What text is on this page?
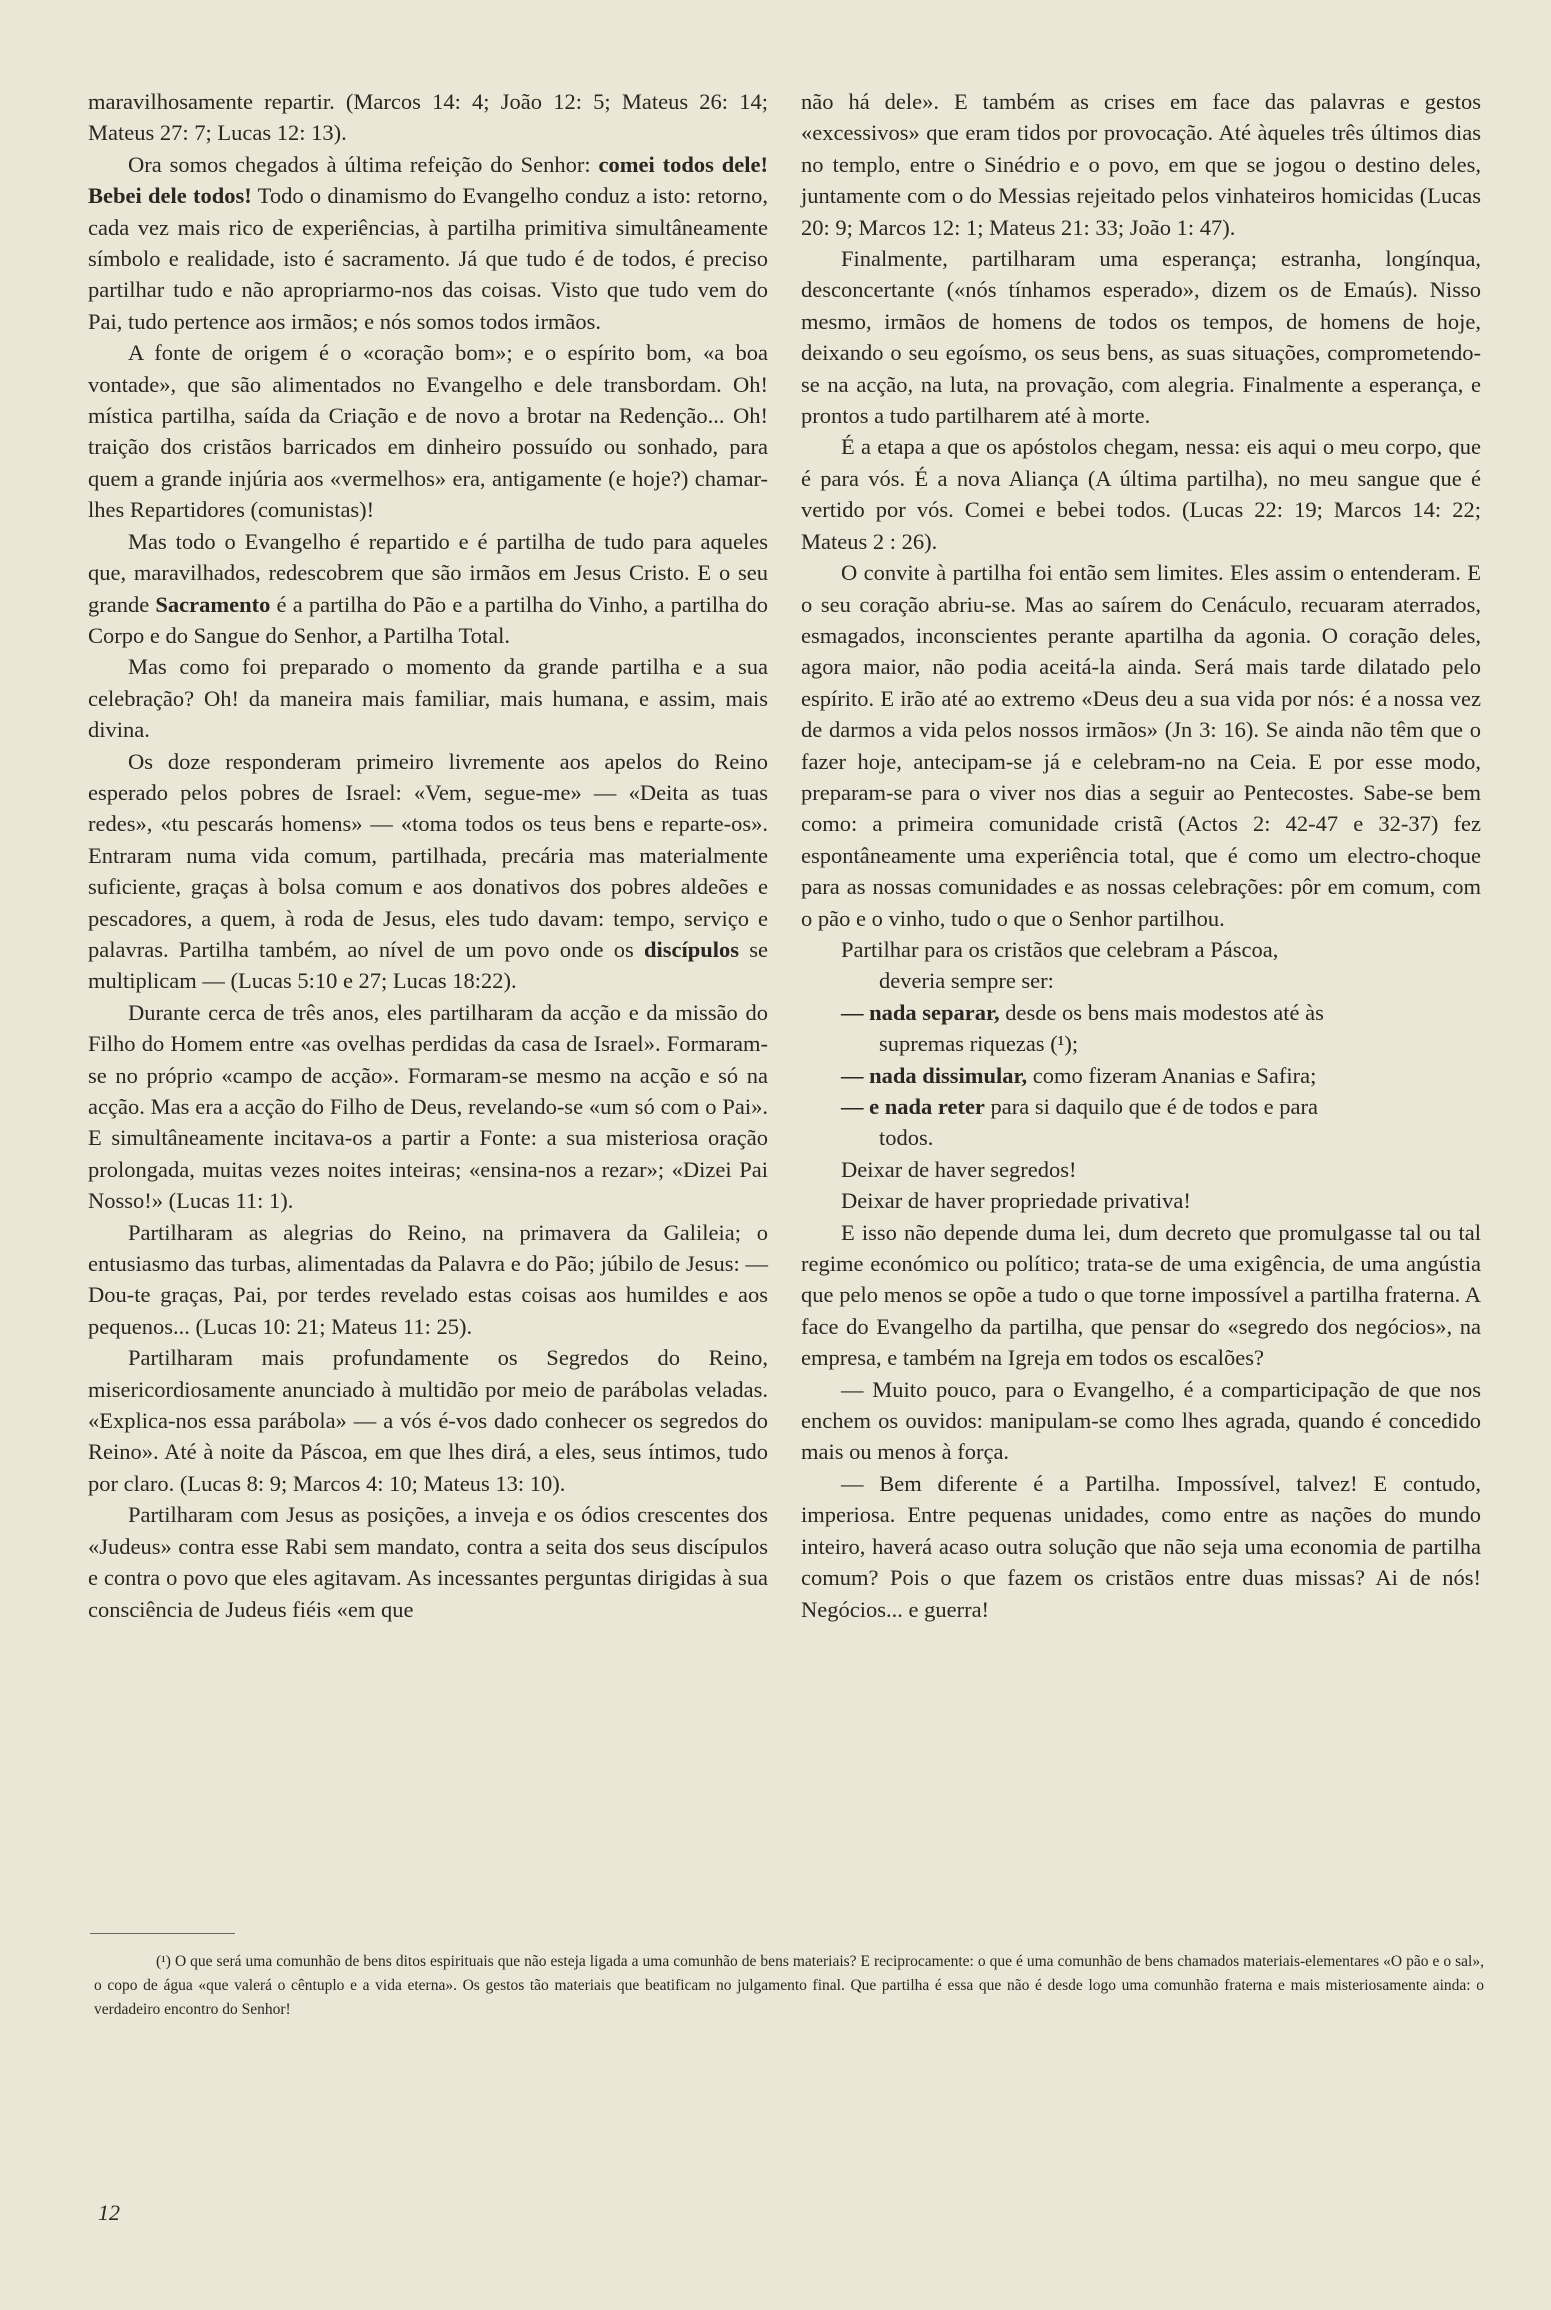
maravilhosamente repartir. (Marcos 14: 4; João 12: 5; Mateus 26: 14; Mateus 27: 7; Lucas 12: 13).

Ora somos chegados à última refeição do Senhor: comei todos dele! Bebei dele todos! Todo o dinamismo do Evangelho conduz a isto: retorno, cada vez mais rico de experiências, à partilha primitiva simultâneamente símbolo e realidade, isto é sacramento. Já que tudo é de todos, é preciso partilhar tudo e não apropriarmo-nos das coisas. Visto que tudo vem do Pai, tudo pertence aos irmãos; e nós somos todos irmãos.

A fonte de origem é o «coração bom»; e o espírito bom, «a boa vontade», que são alimentados no Evangelho e dele transbordam. Oh! mística partilha, saída da Criação e de novo a brotar na Redenção... Oh! traição dos cristãos barricados em dinheiro possuído ou sonhado, para quem a grande injúria aos «vermelhos» era, antigamente (e hoje?) chamar-lhes Repartidores (comunistas)!

Mas todo o Evangelho é repartido e é partilha de tudo para aqueles que, maravilhados, redescobrem que são irmãos em Jesus Cristo. E o seu grande Sacramento é a partilha do Pão e a partilha do Vinho, a partilha do Corpo e do Sangue do Senhor, a Partilha Total.

Mas como foi preparado o momento da grande partilha e a sua celebração? Oh! da maneira mais familiar, mais humana, e assim, mais divina.

Os doze responderam primeiro livremente aos apelos do Reino esperado pelos pobres de Israel: «Vem, segue-me» — «Deita as tuas redes», «tu pescarás homens» — «toma todos os teus bens e reparte-os». Entraram numa vida comum, partilhada, precária mas materialmente suficiente, graças à bolsa comum e aos donativos dos pobres aldeões e pescadores, a quem, à roda de Jesus, eles tudo davam: tempo, serviço e palavras. Partilha também, ao nível de um povo onde os discípulos se multiplicam — (Lucas 5:10 e 27; Lucas 18:22).

Durante cerca de três anos, eles partilharam da acção e da missão do Filho do Homem entre «as ovelhas perdidas da casa de Israel». Formaram-se no próprio «campo de acção». Formaram-se mesmo na acção e só na acção. Mas era a acção do Filho de Deus, revelando-se «um só com o Pai». E simultâneamente incitava-os a partir a Fonte: a sua misteriosa oração prolongada, muitas vezes noites inteiras; «ensina-nos a rezar»; «Dizei Pai Nosso!» (Lucas 11: 1).

Partilharam as alegrias do Reino, na primavera da Galileia; o entusiasmo das turbas, alimentadas da Palavra e do Pão; júbilo de Jesus: — Dou-te graças, Pai, por terdes revelado estas coisas aos humildes e aos pequenos... (Lucas 10: 21; Mateus 11: 25).

Partilharam mais profundamente os Segredos do Reino, misericordiosamente anunciado à multidão por meio de parábolas veladas. «Explica-nos essa parábola» — a vós é-vos dado conhecer os segredos do Reino». Até à noite da Páscoa, em que lhes dirá, a eles, seus íntimos, tudo por claro. (Lucas 8: 9; Marcos 4: 10; Mateus 13: 10).

Partilharam com Jesus as posições, a inveja e os ódios crescentes dos «Judeus» contra esse Rabi sem mandato, contra a seita dos seus discípulos e contra o povo que eles agitavam. As incessantes perguntas dirigidas à sua consciência de Judeus fiéis «em que

não há dele». E também as crises em face das palavras e gestos «excessivos» que eram tidos por provocação. Até àqueles três últimos dias no templo, entre o Sinédrio e o povo, em que se jogou o destino deles, juntamente com o do Messias rejeitado pelos vinhateiros homicidas (Lucas 20: 9; Marcos 12: 1; Mateus 21: 33; João 1: 47).

Finalmente, partilharam uma esperança; estranha, longínqua, desconcertante («nós tínhamos esperado», dizem os de Emaús). Nisso mesmo, irmãos de homens de todos os tempos, de homens de hoje, deixando o seu egoísmo, os seus bens, as suas situações, comprometendo-se na acção, na luta, na provação, com alegria. Finalmente a esperança, e prontos a tudo partilharem até à morte.

É a etapa a que os apóstolos chegam, nessa: eis aqui o meu corpo, que é para vós. É a nova Aliança (A última partilha), no meu sangue que é vertido por vós. Comei e bebei todos. (Lucas 22: 19; Marcos 14: 22; Mateus 2 : 26).

O convite à partilha foi então sem limites. Eles assim o entenderam. E o seu coração abriu-se. Mas ao saírem do Cenáculo, recuaram aterrados, esmagados, inconscientes perante apartilha da agonia. O coração deles, agora maior, não podia aceitá-la ainda. Será mais tarde dilatado pelo espírito. E irão até ao extremo «Deus deu a sua vida por nós: é a nossa vez de darmos a vida pelos nossos irmãos» (Jn 3: 16). Se ainda não têm que o fazer hoje, antecipam-se já e celebram-no na Ceia. E por esse modo, preparam-se para o viver nos dias a seguir ao Pentecostes. Sabe-se bem como: a primeira comunidade cristã (Actos 2: 42-47 e 32-37) fez espontâneamente uma experiência total, que é como um electro-choque para as nossas comunidades e as nossas celebrações: pôr em comum, com o pão e o vinho, tudo o que o Senhor partilhou.

Partilhar para os cristãos que celebram a Páscoa,

deveria sempre ser:

— nada separar, desde os bens mais modestos até às

supremas riquezas (¹);

— nada dissimular, como fizeram Ananias e Safira;

— e nada reter para si daquilo que é de todos e para

todos.

Deixar de haver segredos!

Deixar de haver propriedade privativa!

E isso não depende duma lei, dum decreto que promulgasse tal ou tal regime económico ou político; trata-se de uma exigência, de uma angústia que pelo menos se opõe a tudo o que torne impossível a partilha fraterna. A face do Evangelho da partilha, que pensar do «segredo dos negócios», na empresa, e também na Igreja em todos os escalões?

— Muito pouco, para o Evangelho, é a comparticipação de que nos enchem os ouvidos: manipulam-se como lhes agrada, quando é concedido mais ou menos à força.

— Bem diferente é a Partilha. Impossível, talvez! E contudo, imperiosa. Entre pequenas unidades, como entre as nações do mundo inteiro, haverá acaso outra solução que não seja uma economia de partilha comum? Pois o que fazem os cristãos entre duas missas? Ai de nós! Negócios... e guerra!

(¹) O que será uma comunhão de bens ditos espirituais que não esteja ligada a uma comunhão de bens materiais? E reciprocamente: o que é uma comunhão de bens chamados materiais-elementares «O pão e o sal», o copo de água «que valerá o cêntuplo e a vida eterna». Os gestos tão materiais que beatificam no julgamento final. Que partilha é essa que não é desde logo uma comunhão fraterna e mais misteriosamente ainda: o verdadeiro encontro do Senhor!
12
